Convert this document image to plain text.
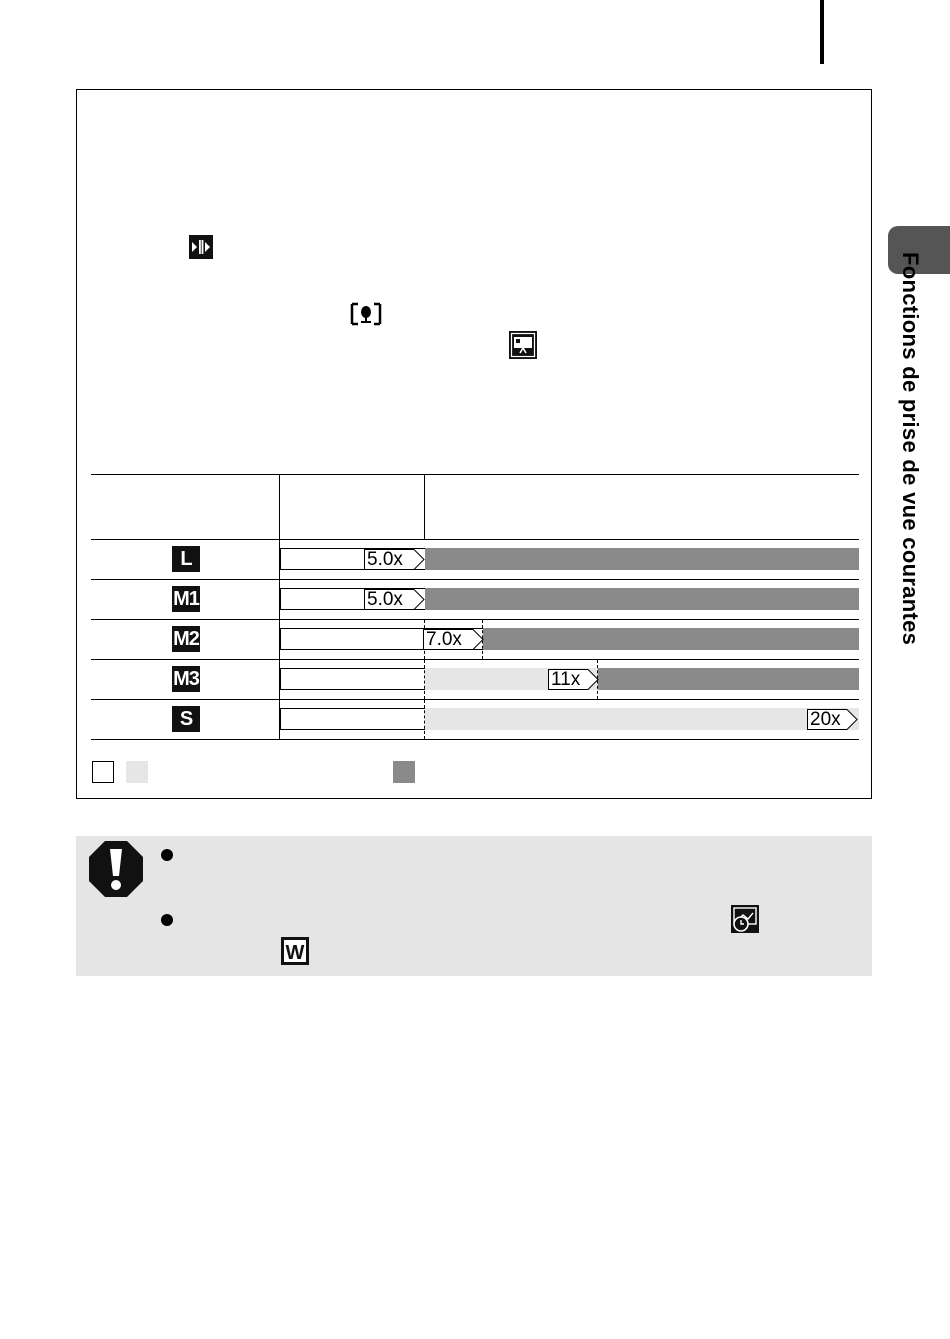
Fonctions de prise de vue courantes
L	5.0x
M1	5.0x
M2	7.0x
M3	11x
S	20x
W
